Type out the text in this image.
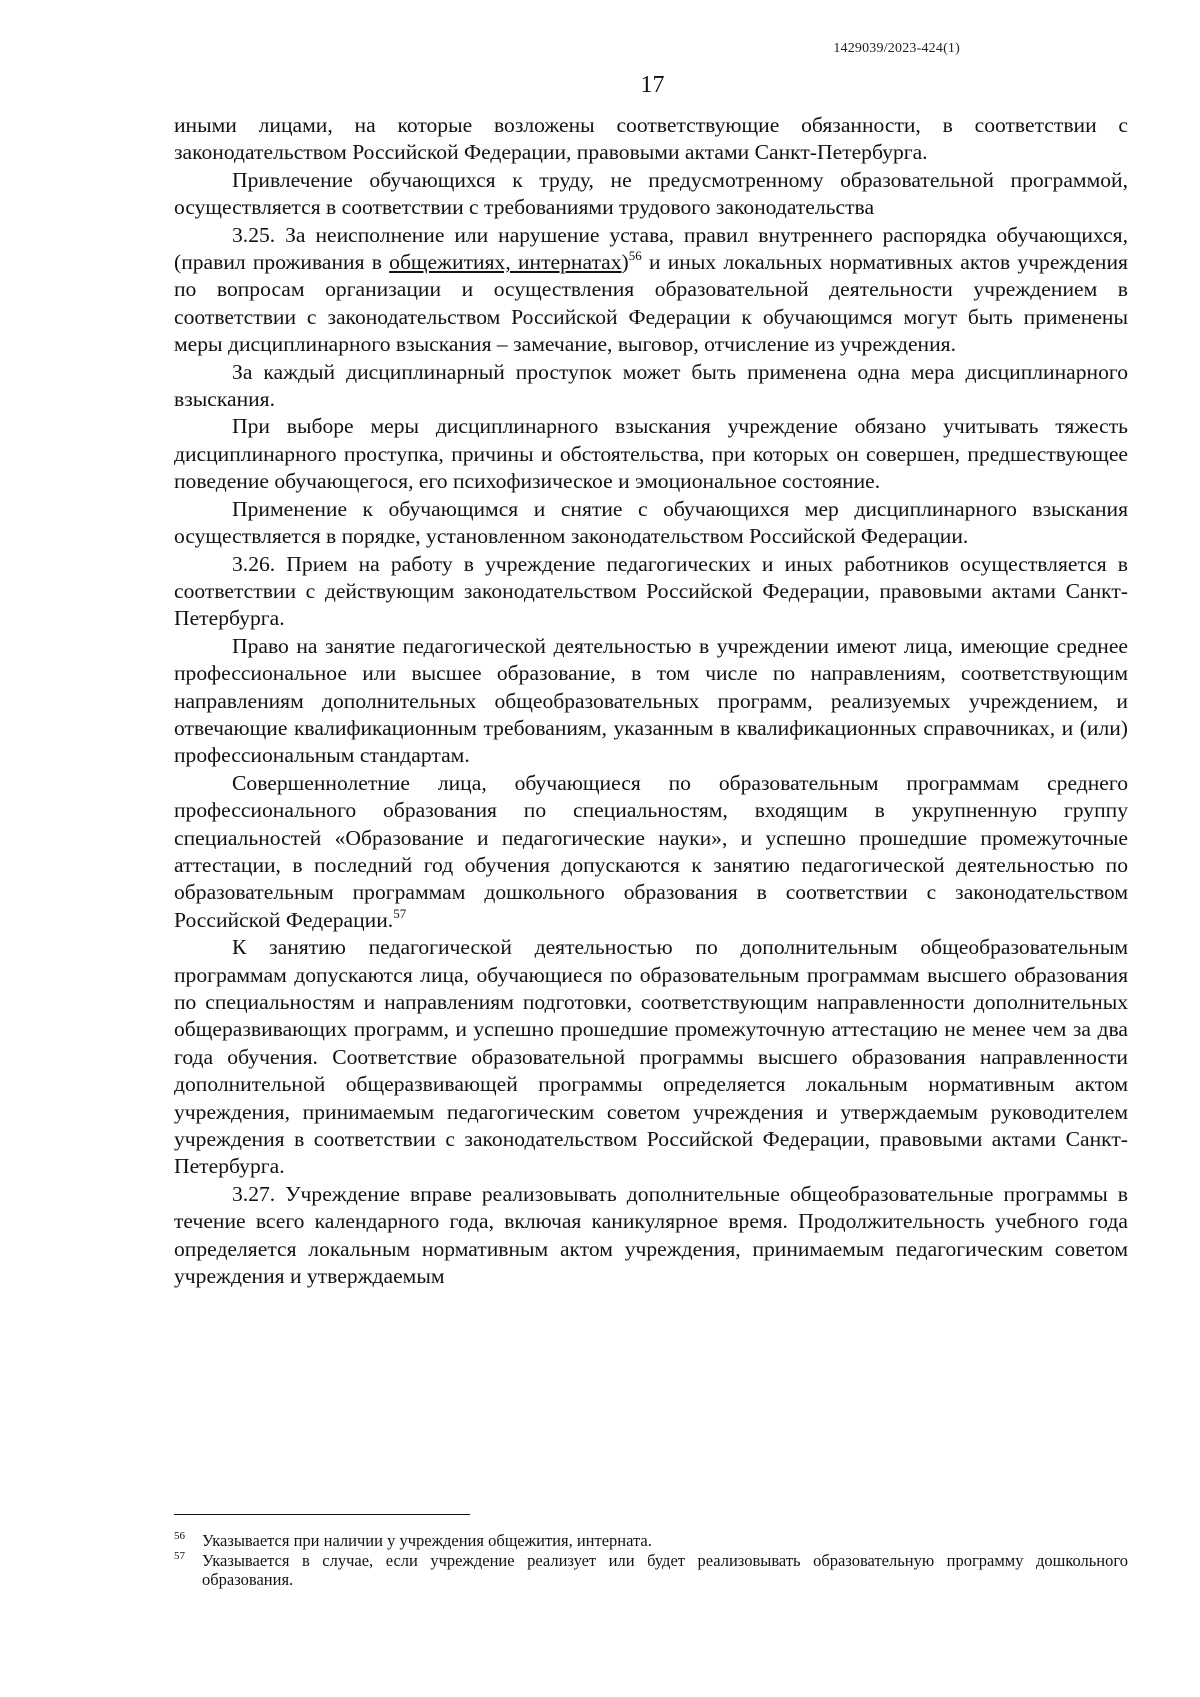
1429039/2023-424(1)
17

иными лицами, на которые возложены соответствующие обязанности, в соответствии с законодательством Российской Федерации, правовыми актами Санкт-Петербурга.

Привлечение обучающихся к труду, не предусмотренному образовательной программой, осуществляется в соответствии с требованиями трудового законодательства

3.25. За неисполнение или нарушение устава, правил внутреннего распорядка обучающихся, (правил проживания в общежитиях, интернатах)$^{56}$ и иных локальных нормативных актов учреждения по вопросам организации и осуществления образовательной деятельности учреждением в соответствии с законодательством Российской Федерации к обучающимся могут быть применены меры дисциплинарного взыскания – замечание, выговор, отчисление из учреждения.

За каждый дисциплинарный проступок может быть применена одна мера дисциплинарного взыскания.

При выборе меры дисциплинарного взыскания учреждение обязано учитывать тяжесть дисциплинарного проступка, причины и обстоятельства, при которых он совершен, предшествующее поведение обучающегося, его психофизическое и эмоциональное состояние.

Применение к обучающимся и снятие с обучающихся мер дисциплинарного взыскания осуществляется в порядке, установленном законодательством Российской Федерации.

3.26. Прием на работу в учреждение педагогических и иных работников осуществляется в соответствии с действующим законодательством Российской Федерации, правовыми актами Санкт-Петербурга.

Право на занятие педагогической деятельностью в учреждении имеют лица, имеющие среднее профессиональное или высшее образование, в том числе по направлениям, соответствующим направлениям дополнительных общеобразовательных программ, реализуемых учреждением, и отвечающие квалификационным требованиям, указанным в квалификационных справочниках, и (или) профессиональным стандартам.

Совершеннолетние лица, обучающиеся по образовательным программам среднего профессионального образования по специальностям, входящим в укрупненную группу специальностей «Образование и педагогические науки», и успешно прошедшие промежуточные аттестации, в последний год обучения допускаются к занятию педагогической деятельностью по образовательным программам дошкольного образования в соответствии с законодательством Российской Федерации.$^{57}$

К занятию педагогической деятельностью по дополнительным общеобразовательным программам допускаются лица, обучающиеся по образовательным программам высшего образования по специальностям и направлениям подготовки, соответствующим направленности дополнительных общеразвивающих программ, и успешно прошедшие промежуточную аттестацию не менее чем за два года обучения. Соответствие образовательной программы высшего образования направленности дополнительной общеразвивающей программы определяется локальным нормативным актом учреждения, принимаемым педагогическим советом учреждения и утверждаемым руководителем учреждения в соответствии с законодательством Российской Федерации, правовыми актами Санкт-Петербурга.

3.27. Учреждение вправе реализовывать дополнительные общеобразовательные программы в течение всего календарного года, включая каникулярное время. Продолжительность учебного года определяется локальным нормативным актом учреждения, принимаемым педагогическим советом учреждения и утверждаемым

56 Указывается при наличии у учреждения общежития, интерната.
57 Указывается в случае, если учреждение реализует или будет реализовывать образовательную программу дошкольного образования.
